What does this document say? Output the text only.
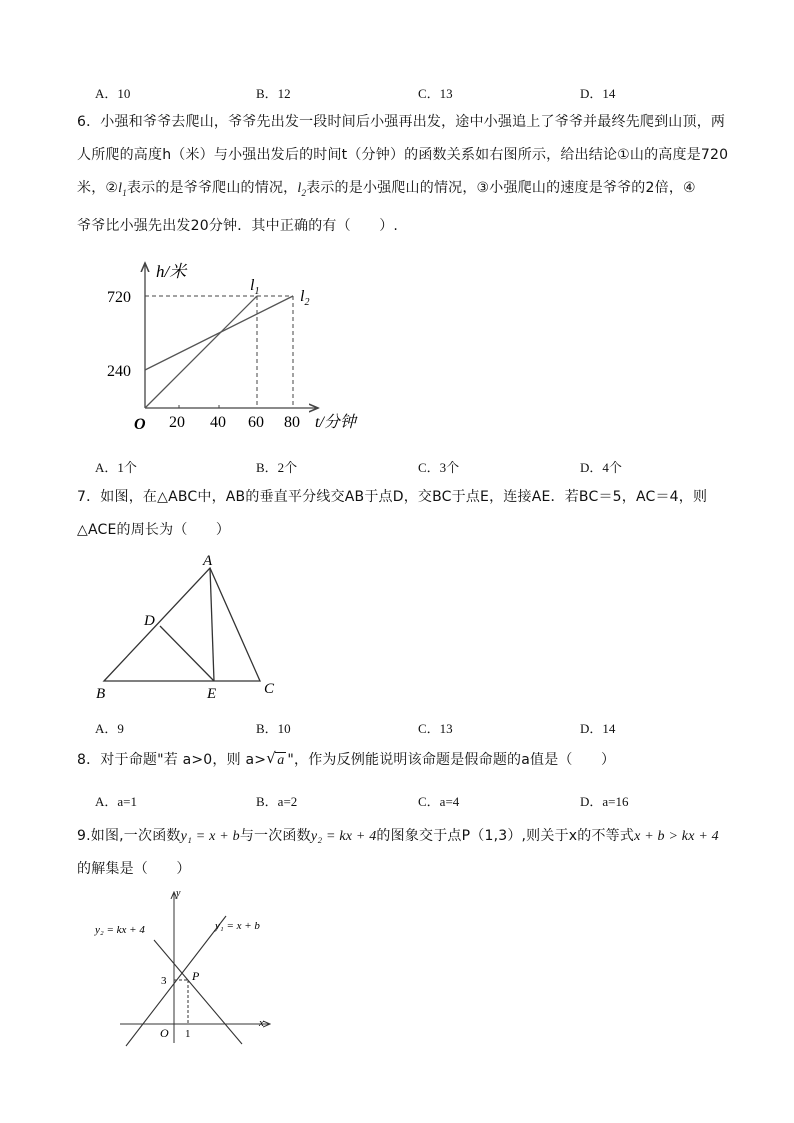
A．10	B．12	C．13	D．14
6．小强和爷爷去爬山，爷爷先出发一段时间后小强再出发，途中小强追上了爷爷并最终先爬到山顶，两
人所爬的高度h（米）与小强出发后的时间t（分钟）的函数关系如右图所示，给出结论①山的高度是720
米，$②l_1$表示的是爷爷爬山的情况，$l_2$表示的是小强爬山的情况，③小强爬山的速度是爷爷的2倍，④
爷爷比小强先出发20分钟．其中正确的有（　　）.
h/米
t/分钟
O
720
240
20 40 60 80
$l_1$	$l_2$
A．1个	B．2个	C．3个	D．4个
7．如图，在△ABC中，AB的垂直平分线交AB于点D，交BC于点E，连接AE．若BC＝5，AC＝4，则
△ACE的周长为（　　）
A
B	C
D
E
A．9	B．10	C．13	D．14
8．对于命题"若 a>0，则 a> √ a "，作为反例能说明该命题是假命题的a值是（　　）
A．a=1	B．a=2	C．a=4	D．a=16
9.如图,一次函数y₁ = x + b与一次函数y₂ = kx + 4的图象交于点P（1,3）,则关于x的不等式x + b > kx + 4
的解集是（　　）
y
x
O
y₂ = kx + 4	y₁ = x + b
3
1
P
